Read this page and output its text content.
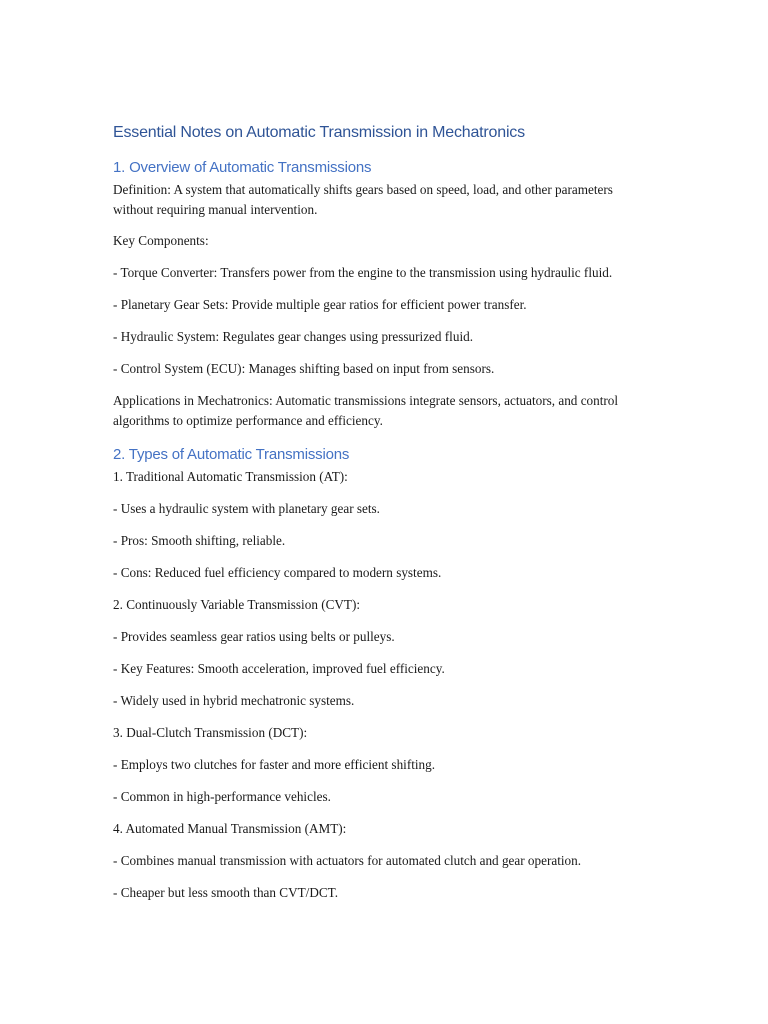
Essential Notes on Automatic Transmission in Mechatronics
1. Overview of Automatic Transmissions

Definition: A system that automatically shifts gears based on speed, load, and other parameters without requiring manual intervention.

Key Components:

- Torque Converter: Transfers power from the engine to the transmission using hydraulic fluid.

- Planetary Gear Sets: Provide multiple gear ratios for efficient power transfer.

- Hydraulic System: Regulates gear changes using pressurized fluid.

- Control System (ECU): Manages shifting based on input from sensors.

Applications in Mechatronics: Automatic transmissions integrate sensors, actuators, and control algorithms to optimize performance and efficiency.

2. Types of Automatic Transmissions

1. Traditional Automatic Transmission (AT):

- Uses a hydraulic system with planetary gear sets.

- Pros: Smooth shifting, reliable.

- Cons: Reduced fuel efficiency compared to modern systems.

2. Continuously Variable Transmission (CVT):

- Provides seamless gear ratios using belts or pulleys.

- Key Features: Smooth acceleration, improved fuel efficiency.

- Widely used in hybrid mechatronic systems.

3. Dual-Clutch Transmission (DCT):

- Employs two clutches for faster and more efficient shifting.

- Common in high-performance vehicles.

4. Automated Manual Transmission (AMT):

- Combines manual transmission with actuators for automated clutch and gear operation.

- Cheaper but less smooth than CVT/DCT.
